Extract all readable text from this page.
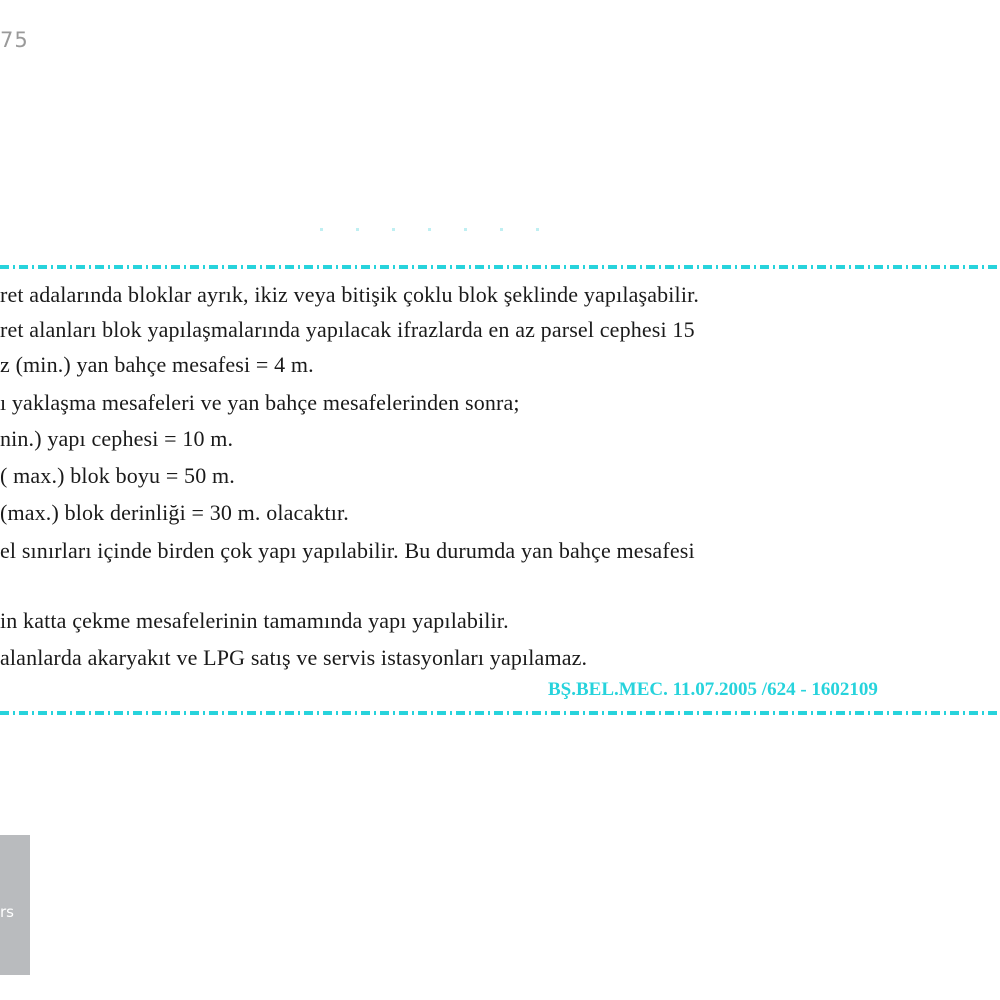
75
ret adalarında bloklar ayrık, ikiz veya bitişik çoklu blok şeklinde yapılaşabilir.
ret alanları blok yapılaşmalarında yapılacak ifrazlarda en az parsel cephesi 15
z (min.) yan bahçe mesafesi = 4 m.
ı yaklaşma mesafeleri ve yan bahçe mesafelerinden sonra;
nin.) yapı cephesi = 10 m.
( max.) blok boyu = 50 m.
(max.) blok derinliği = 30 m. olacaktır.
el sınırları içinde birden çok yapı yapılabilir. Bu durumda yan bahçe mesafesi
in katta çekme mesafelerinin tamamında yapı yapılabilir.
alanlarda akaryakıt ve LPG satış ve servis istasyonları yapılamaz.
BŞ.BEL.MEC. 11.07.2005 /624 - 1602109
rs
